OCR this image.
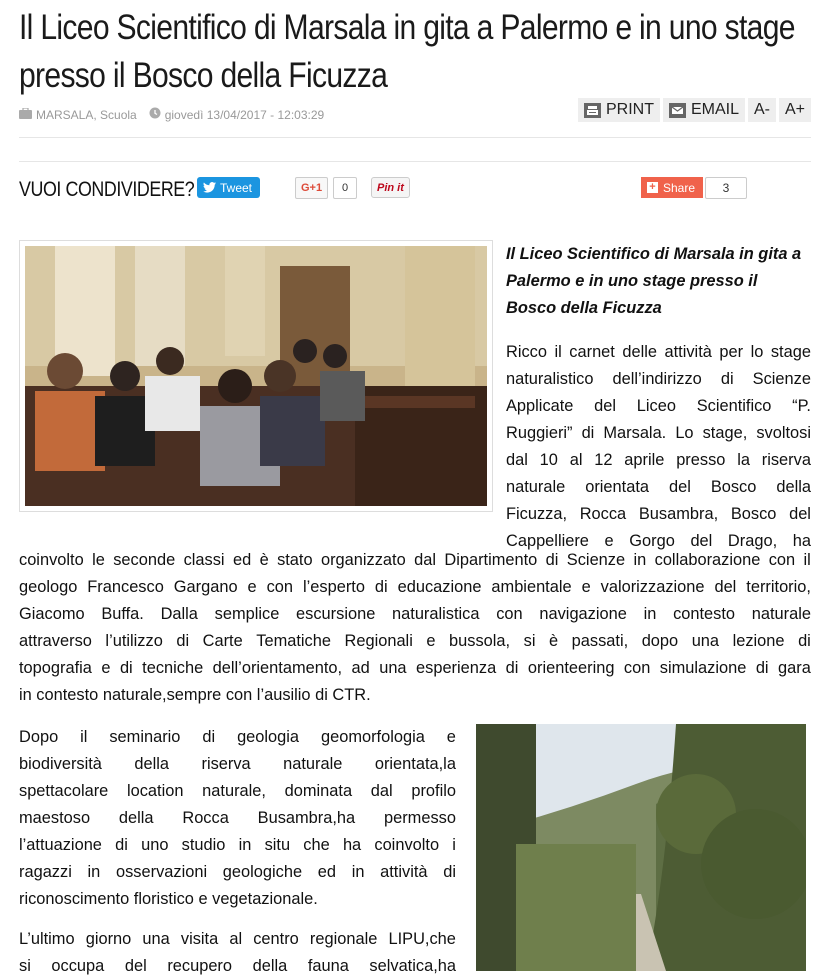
Il Liceo Scientifico di Marsala in gita a Palermo e in uno stage presso il Bosco della Ficuzza
MARSALA, Scuola giovedì 13/04/2017 - 12:03:29	PRINT EMAIL A- A+
VUOI CONDIVIDERE? Tweet	G+1	0	Pin it	+ Share	3
Il Liceo Scientifico di Marsala in gita a Palermo e in uno stage presso il Bosco della Ficuzza
Ricco il carnet delle attività per lo stage
naturalistico dell’indirizzo di Scienze
Applicate del Liceo Scientifico “P.
Ruggieri” di Marsala. Lo stage, svoltosi
dal 10 al 12 aprile presso la riserva
naturale orientata del Bosco della
Ficuzza, Rocca Busambra, Bosco del
Cappelliere e Gorgo del Drago, ha
coinvolto le seconde classi ed è stato organizzato dal Dipartimento di Scienze in collaborazione con il
geologo Francesco Gargano e con l’esperto di educazione ambientale e valorizzazione del territorio,
Giacomo Buffa. Dalla semplice escursione naturalistica con navigazione in contesto naturale
attraverso l’utilizzo di Carte Tematiche Regionali e bussola, si è passati, dopo una lezione di
topografia e di tecniche dell’orientamento, ad una esperienza di orienteering con simulazione di gara
in contesto naturale,sempre con l’ausilio di CTR.
Dopo il seminario di geologia geomorfologia e
biodiversità della riserva naturale orientata,la
spettacolare location naturale, dominata dal profilo
maestoso della Rocca Busambra,ha permesso
l’attuazione di uno studio in situ che ha coinvolto i
ragazzi in osservazioni geologiche ed in attività di
riconoscimento floristico e vegetazionale.
L’ultimo giorno una visita al centro regionale LIPU,che
si occupa del recupero della fauna selvatica,ha
